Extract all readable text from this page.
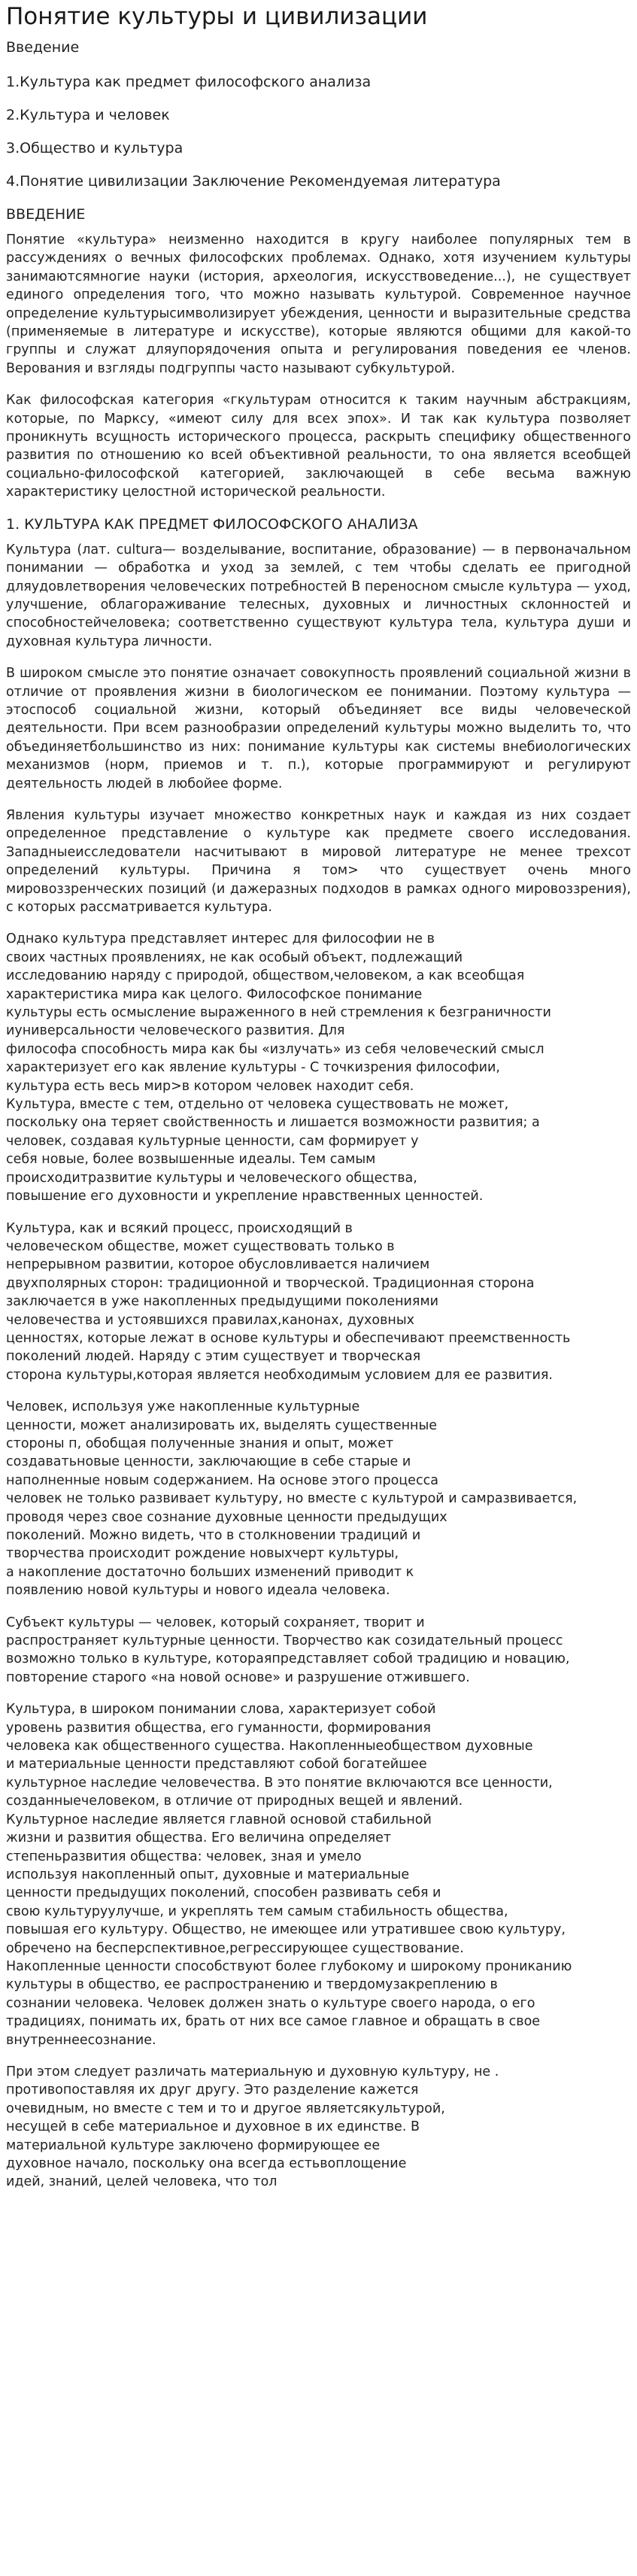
Понятие культуры и цивилизации
Введение
1.Культура как предмет философского анализа
2.Культура и человек
3.Общество и культура
4.Понятие цивилизации Заключение Рекомендуемая литература
ВВЕДЕНИЕ

Понятие «культура» неизменно находится в кругу наиболее популярных тем в рассуждениях о вечных философских проблемах. Однако, хотя изучением культуры занимаютсямногие науки (история, археология, искусствоведение...), не существует единого определения того, что можно называть культурой. Современное научное определение культурысимволизирует убеждения, ценности и выразительные средства (применяемые в литературе и искусстве), которые являются общими для какой-то группы и служат дляупорядочения опыта и регулирования поведения ее членов. Верования и взгляды подгруппы часто называют субкультурой.

Как философская категория «гкультурам относится к таким научным абстракциям, которые, по Марксу, «имеют силу для всех эпох». И так как культура позволяет проникнуть всущность исторического процесса, раскрыть специфику общественного развития по отношению ко всей объективной реальности, то она является всеобщей социально-философской категорией, заключающей в себе весьма важную характеристику целостной исторической реальности.

1. КУЛЬТУРА КАК ПРЕДМЕТ ФИЛОСОФСКОГО АНАЛИЗА

Культура (лат. cultura— возделывание, воспитание, образование) — в первоначальном понимании — обработка и уход за землей, с тем чтобы сделать ее пригодной дляудовлетворения человеческих потребностей В переносном смысле культура — уход, улучшение, облагораживание телесных, духовных и личностных склонностей и способностейчеловека; соответственно существуют культура тела, культура души и духовная культура личности.

В широком смысле это понятие означает совокупность проявлений социальной жизни в отличие от проявления жизни в биологическом ее понимании. Поэтому культура — этоспособ социальной жизни, который объединяет все виды человеческой деятельности. При всем разнообразии определений культуры можно выделить то, что объединяетбольшинство из них: понимание культуры как системы внебиологических механизмов (норм, приемов и т. п.), которые программируют и регулируют деятельность людей в любойее форме.

Явления культуры изучает множество конкретных наук и каждая из них создает определенное представление о культуре как предмете своего исследования. Западныеисследователи насчитывают в мировой литературе не менее трехсот определений культуры. Причина я том> что существует очень много мировоззренческих позиций (и дажеразных подходов в рамках одного мировоззрения), с которых рассматривается культура.

Однако культура представляет интерес для философии не в
своих частных проявлениях, не как особый объект, подлежащий
исследованию наряду с природой, обществом,человеком, а как всеобщая
характеристика мира как целого. Философское понимание
культуры есть осмысление выраженного в ней стремления к безграничности
иуниверсальности человеческого развития. Для
философа способность мира как бы «излучать» из себя человеческий смысл
характеризует его как явление культуры - С точкизрения философии,
культура есть весь мир>в котором человек находит себя.
Культура, вместе с тем, отдельно от человека существовать не может,
поскольку она теряет свойственность и лишается возможности развития; а
человек, создавая культурные ценности, сам формирует у
себя новые, более возвышенные идеалы. Тем самым
происходитразвитие культуры и человеческого общества,
повышение его духовности и укрепление нравственных ценностей.

Культура, как и всякий процесс, происходящий в
человеческом обществе, может существовать только в
непрерывном развитии, которое обусловливается наличием
двухполярных сторон: традиционной и творческой. Традиционная сторона
заключается в уже накопленных предыдущими поколениями
человечества и устоявшихся правилах,канонах, духовных
ценностях, которые лежат в основе культуры и обеспечивают преемственность
поколений людей. Наряду с этим существует и творческая
сторона культуры,которая является необходимым условием для ее развития.

Человек, используя уже накопленные культурные
ценности, может анализировать их, выделять существенные
стороны п, обобщая полученные знания и опыт, может
создаватьновые ценности, заключающие в себе старые и
наполненные новым содержанием. На основе этого процесса
человек не только развивает культуру, но вместе с культурой и самразвивается,
проводя через свое сознание духовные ценности предыдущих
поколений. Можно видеть, что в столкновении традиций и
творчества происходит рождение новыхчерт культуры,
а накопление достаточно больших изменений приводит к
появлению новой культуры и нового идеала человека.

Субъект культуры — человек, который сохраняет, творит и
распространяет культурные ценности. Творчество как созидательный процесс
возможно только в культуре, котораяпредставляет собой традицию и новацию,
повторение старого «на новой основе» и разрушение отжившего.

Культура, в широком понимании слова, характеризует собой
уровень развития общества, его гуманности, формирования
человека как общественного существа. Накопленныеобществом духовные
и материальные ценности представляют собой богатейшее
культурное наследие человечества. В это понятие включаются все ценности,
созданныечеловеком, в отличие от природных вещей и явлений.
Культурное наследие является главной основой стабильной
жизни и развития общества. Его величина определяет
степеньразвития общества: человек, зная и умело
используя накопленный опыт, духовные и материальные
ценности предыдущих поколений, способен развивать себя и
свою культуруулучше, и укреплять тем самым стабильность общества,
повышая его культуру. Общество, не имеющее или утратившее свою культуру,
обречено на бесперспективное,регрессирующее существование.
Накопленные ценности способствуют более глубокому и широкому прониканию
культуры в общество, ее распространению и твердомузакреплению в
сознании человека. Человек должен знать о культуре своего народа, о его
традициях, понимать их, брать от них все самое главное и обращать в свое
внутреннеесознание.

При этом следует различать материальную и духовную культуру, не .
противопоставляя их друг другу. Это разделение кажется
очевидным, но вместе с тем и то и другое являетсякультурой,
несущей в себе материальное и духовное в их единстве. В
материальной культуре заключено формирующее ее
духовное начало, поскольку она всегда естьвоплощение
идей, знаний, целей человека, что тол
